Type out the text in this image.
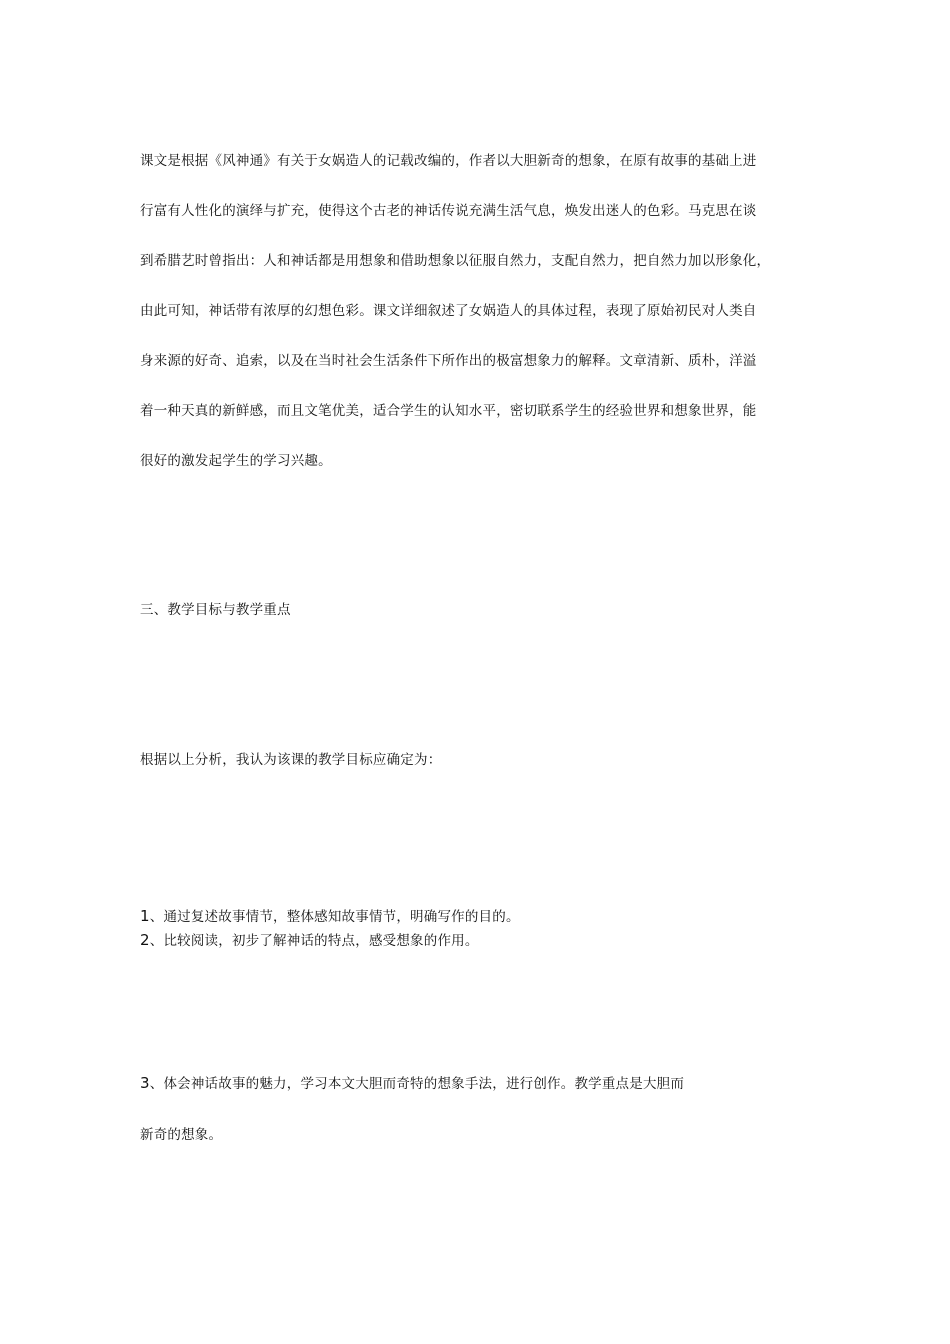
课文是根据《风神通》有关于女娲造人的记载改编的，作者以大胆新奇的想象，在原有故事的基础上进
行富有人性化的演绎与扩充，使得这个古老的神话传说充满生活气息，焕发出迷人的色彩。马克思在谈
到希腊艺时曾指出：人和神话都是用想象和借助想象以征服自然力，支配自然力，把自然力加以形象化，
由此可知，神话带有浓厚的幻想色彩。课文详细叙述了女娲造人的具体过程，表现了原始初民对人类自
身来源的好奇、追索，以及在当时社会生活条件下所作出的极富想象力的解释。文章清新、质朴，洋溢
着一种天真的新鲜感，而且文笔优美，适合学生的认知水平，密切联系学生的经验世界和想象世界，能
很好的激发起学生的学习兴趣。
三、教学目标与教学重点
根据以上分析，我认为该课的教学目标应确定为：
1、通过复述故事情节，整体感知故事情节，明确写作的目的。
2、比较阅读，初步了解神话的特点，感受想象的作用。
3、体会神话故事的魅力，学习本文大胆而奇特的想象手法，进行创作。教学重点是大胆而
新奇的想象。
